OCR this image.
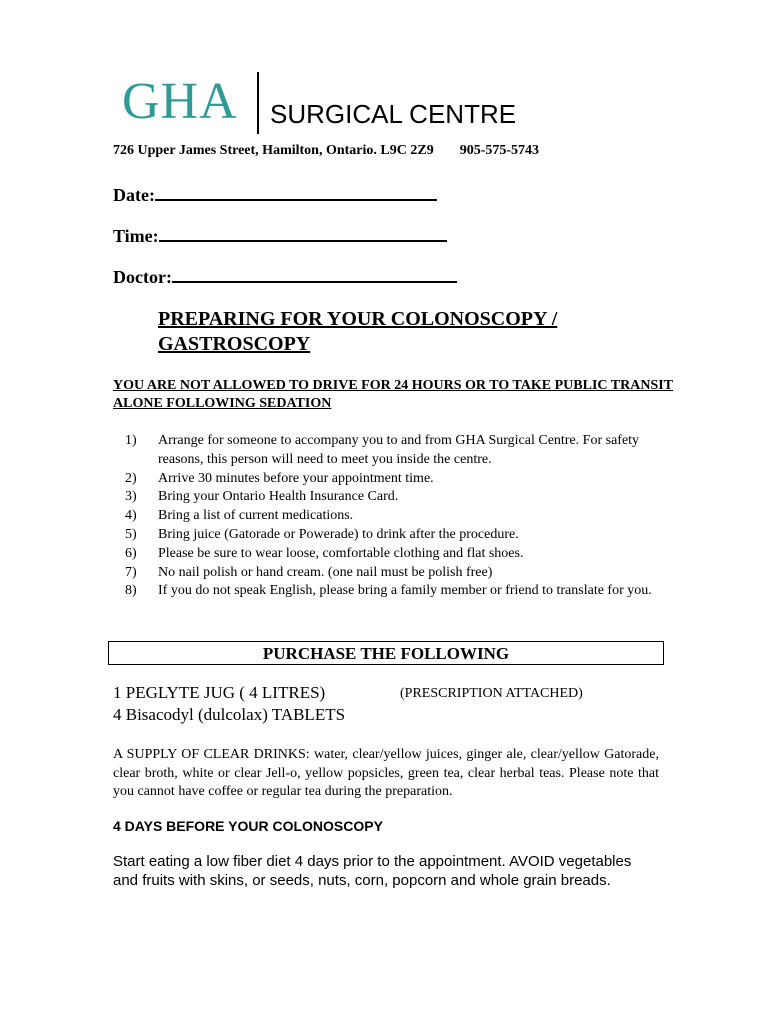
GHA SURGICAL CENTRE
726 Upper James Street, Hamilton, Ontario. L9C 2Z9 905-575-5743
Date:
Time:
Doctor:
PREPARING FOR YOUR COLONOSCOPY / GASTROSCOPY
YOU ARE NOT ALLOWED TO DRIVE FOR 24 HOURS OR TO TAKE PUBLIC TRANSIT ALONE FOLLOWING SEDATION
1) Arrange for someone to accompany you to and from GHA Surgical Centre. For safety reasons, this person will need to meet you inside the centre.
2) Arrive 30 minutes before your appointment time.
3) Bring your Ontario Health Insurance Card.
4) Bring a list of current medications.
5) Bring juice (Gatorade or Powerade) to drink after the procedure.
6) Please be sure to wear loose, comfortable clothing and flat shoes.
7) No nail polish or hand cream. (one nail must be polish free)
8) If you do not speak English, please bring a family member or friend to translate for you.
PURCHASE THE FOLLOWING
1 PEGLYTE JUG ( 4 LITRES)
4 Bisacodyl (dulcolax) TABLETS
(PRESCRIPTION ATTACHED)
A SUPPLY OF CLEAR DRINKS: water, clear/yellow juices, ginger ale, clear/yellow Gatorade, clear broth, white or clear Jell-o, yellow popsicles, green tea, clear herbal teas. Please note that you cannot have coffee or regular tea during the preparation.
4 DAYS BEFORE YOUR COLONOSCOPY
Start eating a low fiber diet 4 days prior to the appointment. AVOID vegetables and fruits with skins, or seeds, nuts, corn, popcorn and whole grain breads.
